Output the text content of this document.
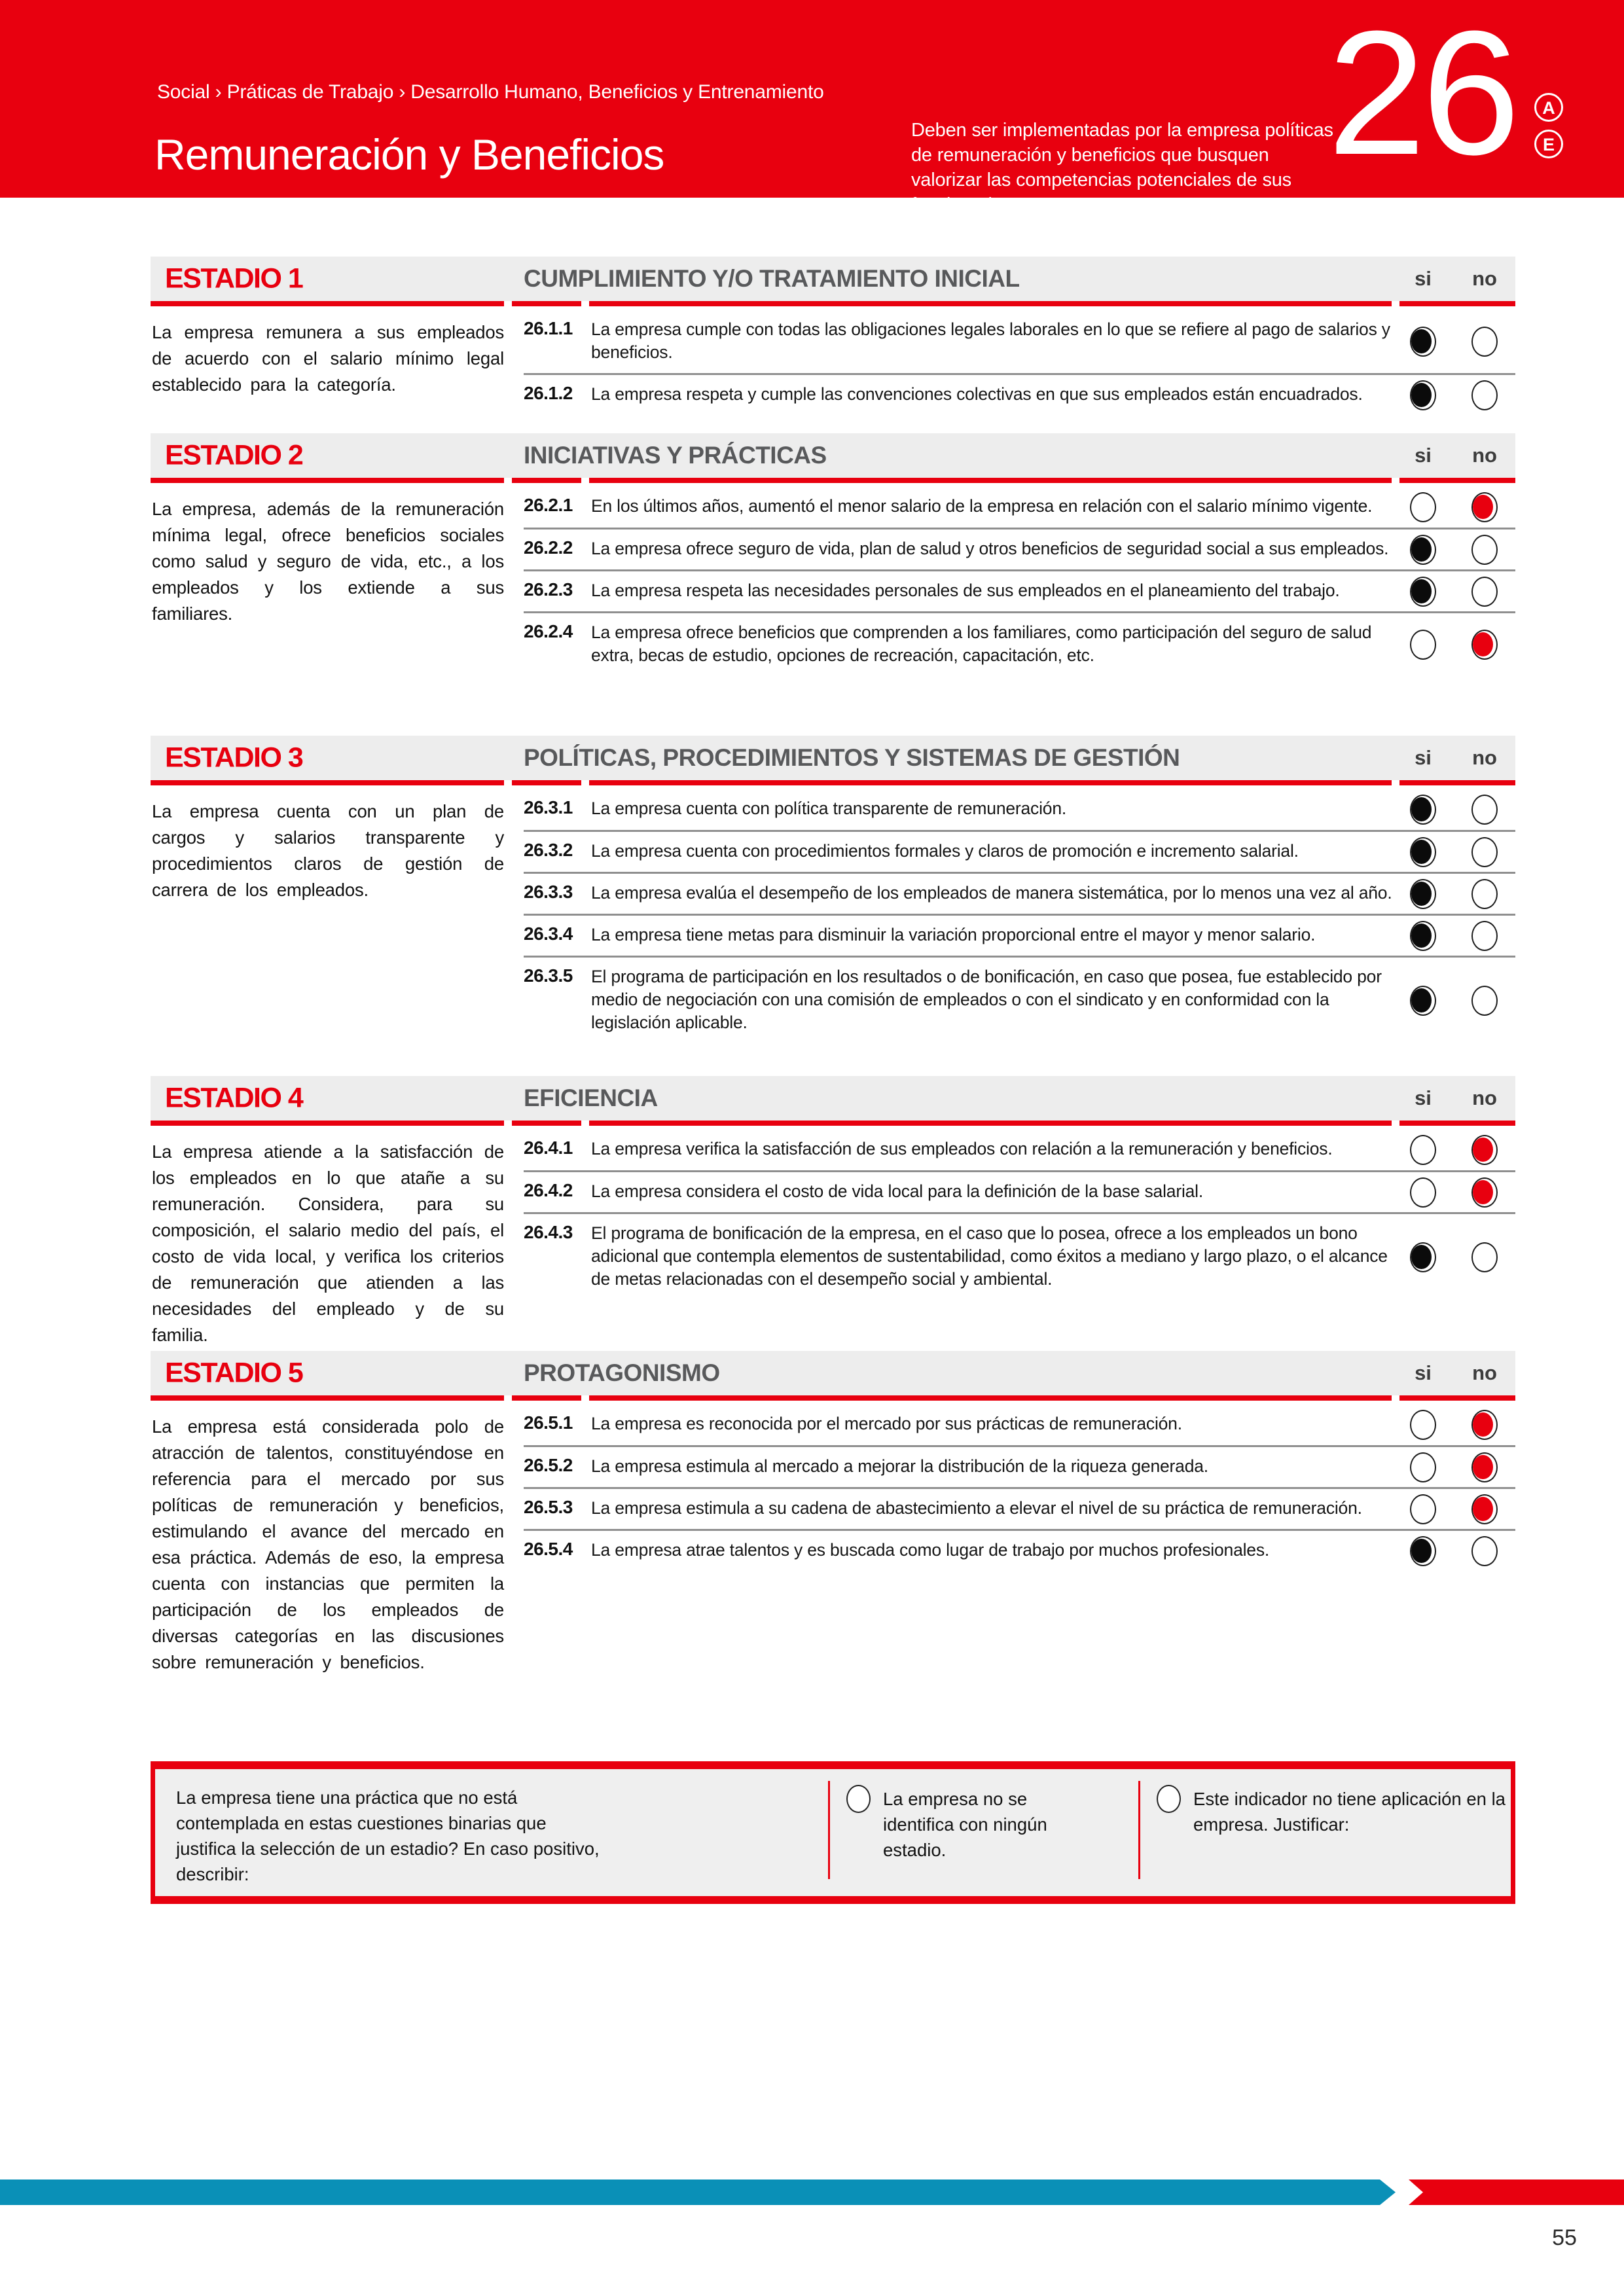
Social › Práticas de Trabajo › Desarrollo Humano, Beneficios y Entrenamiento
Remuneración y Beneficios	Deben ser implementadas por la empresa políticas de remuneración y beneficios que busquen valorizar las competencias potenciales de sus funcionarios.

26	A
E
ESTADIO 1	CUMPLIMIENTO Y/O TRATAMIENTO INICIAL	si	no

La empresa remunera a sus empleados de acuerdo con el salario mínimo legal establecido para la categoría.

26.1.1 La empresa cumple con todas las obligaciones legales laborales en lo que se refiere al pago de salarios y beneficios.

26.1.2 La empresa respeta y cumple las convenciones colectivas en que sus empleados están encuadrados.

ESTADIO 2	INICIATIVAS Y PRÁCTICAS	si	no

La empresa, además de la remuneración mínima legal, ofrece beneficios sociales como salud y seguro de vida, etc., a los empleados y los extiende a sus familiares.

26.2.1 En los últimos años, aumentó el menor salario de la empresa en relación con el salario mínimo vigente.

26.2.2 La empresa ofrece seguro de vida, plan de salud y otros beneficios de seguridad social a sus empleados.

26.2.3 La empresa respeta las necesidades personales de sus empleados en el planeamiento del trabajo.

26.2.4 La empresa ofrece beneficios que comprenden a los familiares, como participación del seguro de salud extra, becas de estudio, opciones de recreación, capacitación, etc.

ESTADIO 3	POLÍTICAS, PROCEDIMIENTOS Y SISTEMAS DE GESTIÓN	si	no

La empresa cuenta con un plan de cargos y salarios transparente y procedimientos claros de gestión de carrera de los empleados.

26.3.1 La empresa cuenta con política transparente de remuneración.

26.3.2 La empresa cuenta con procedimientos formales y claros de promoción e incremento salarial.

26.3.3 La empresa evalúa el desempeño de los empleados de manera sistemática, por lo menos una vez al año.

26.3.4 La empresa tiene metas para disminuir la variación proporcional entre el mayor y menor salario.

26.3.5 El programa de participación en los resultados o de bonificación, en caso que posea, fue establecido por medio de negociación con una comisión de empleados o con el sindicato y en conformidad con la legislación aplicable.

ESTADIO 4	EFICIENCIA	si	no

La empresa atiende a la satisfacción de los empleados en lo que atañe a su remuneración. Considera, para su composición, el salario medio del país, el costo de vida local, y verifica los criterios de remuneración que atienden a las necesidades del empleado y de su familia.

26.4.1 La empresa verifica la satisfacción de sus empleados con relación a la remuneración y beneficios.

26.4.2 La empresa considera el costo de vida local para la definición de la base salarial.

26.4.3 El programa de bonificación de la empresa, en el caso que lo posea, ofrece a los empleados un bono adicional que contempla elementos de sustentabilidad, como éxitos a mediano y largo plazo, o el alcance de metas relacionadas con el desempeño social y ambiental.

ESTADIO 5	PROTAGONISMO	si	no

La empresa está considerada polo de atracción de talentos, constituyéndose en referencia para el mercado por sus políticas de remuneración y beneficios, estimulando el avance del mercado en esa práctica. Además de eso, la empresa cuenta con instancias que permiten la participación de los empleados de diversas categorías en las discusiones sobre remuneración y beneficios.

26.5.1 La empresa es reconocida por el mercado por sus prácticas de remuneración.

26.5.2 La empresa estimula al mercado a mejorar la distribución de la riqueza generada.

26.5.3 La empresa estimula a su cadena de abastecimiento a elevar el nivel de su práctica de remuneración.

26.5.4 La empresa atrae talentos y es buscada como lugar de trabajo por muchos profesionales.

La empresa tiene una práctica que no está contemplada en estas cuestiones binarias que justifica la selección de un estadio? En caso positivo, describir:

La empresa no se identifica con ningún estadio.

Este indicador no tiene aplicación en la empresa. Justificar:

55
